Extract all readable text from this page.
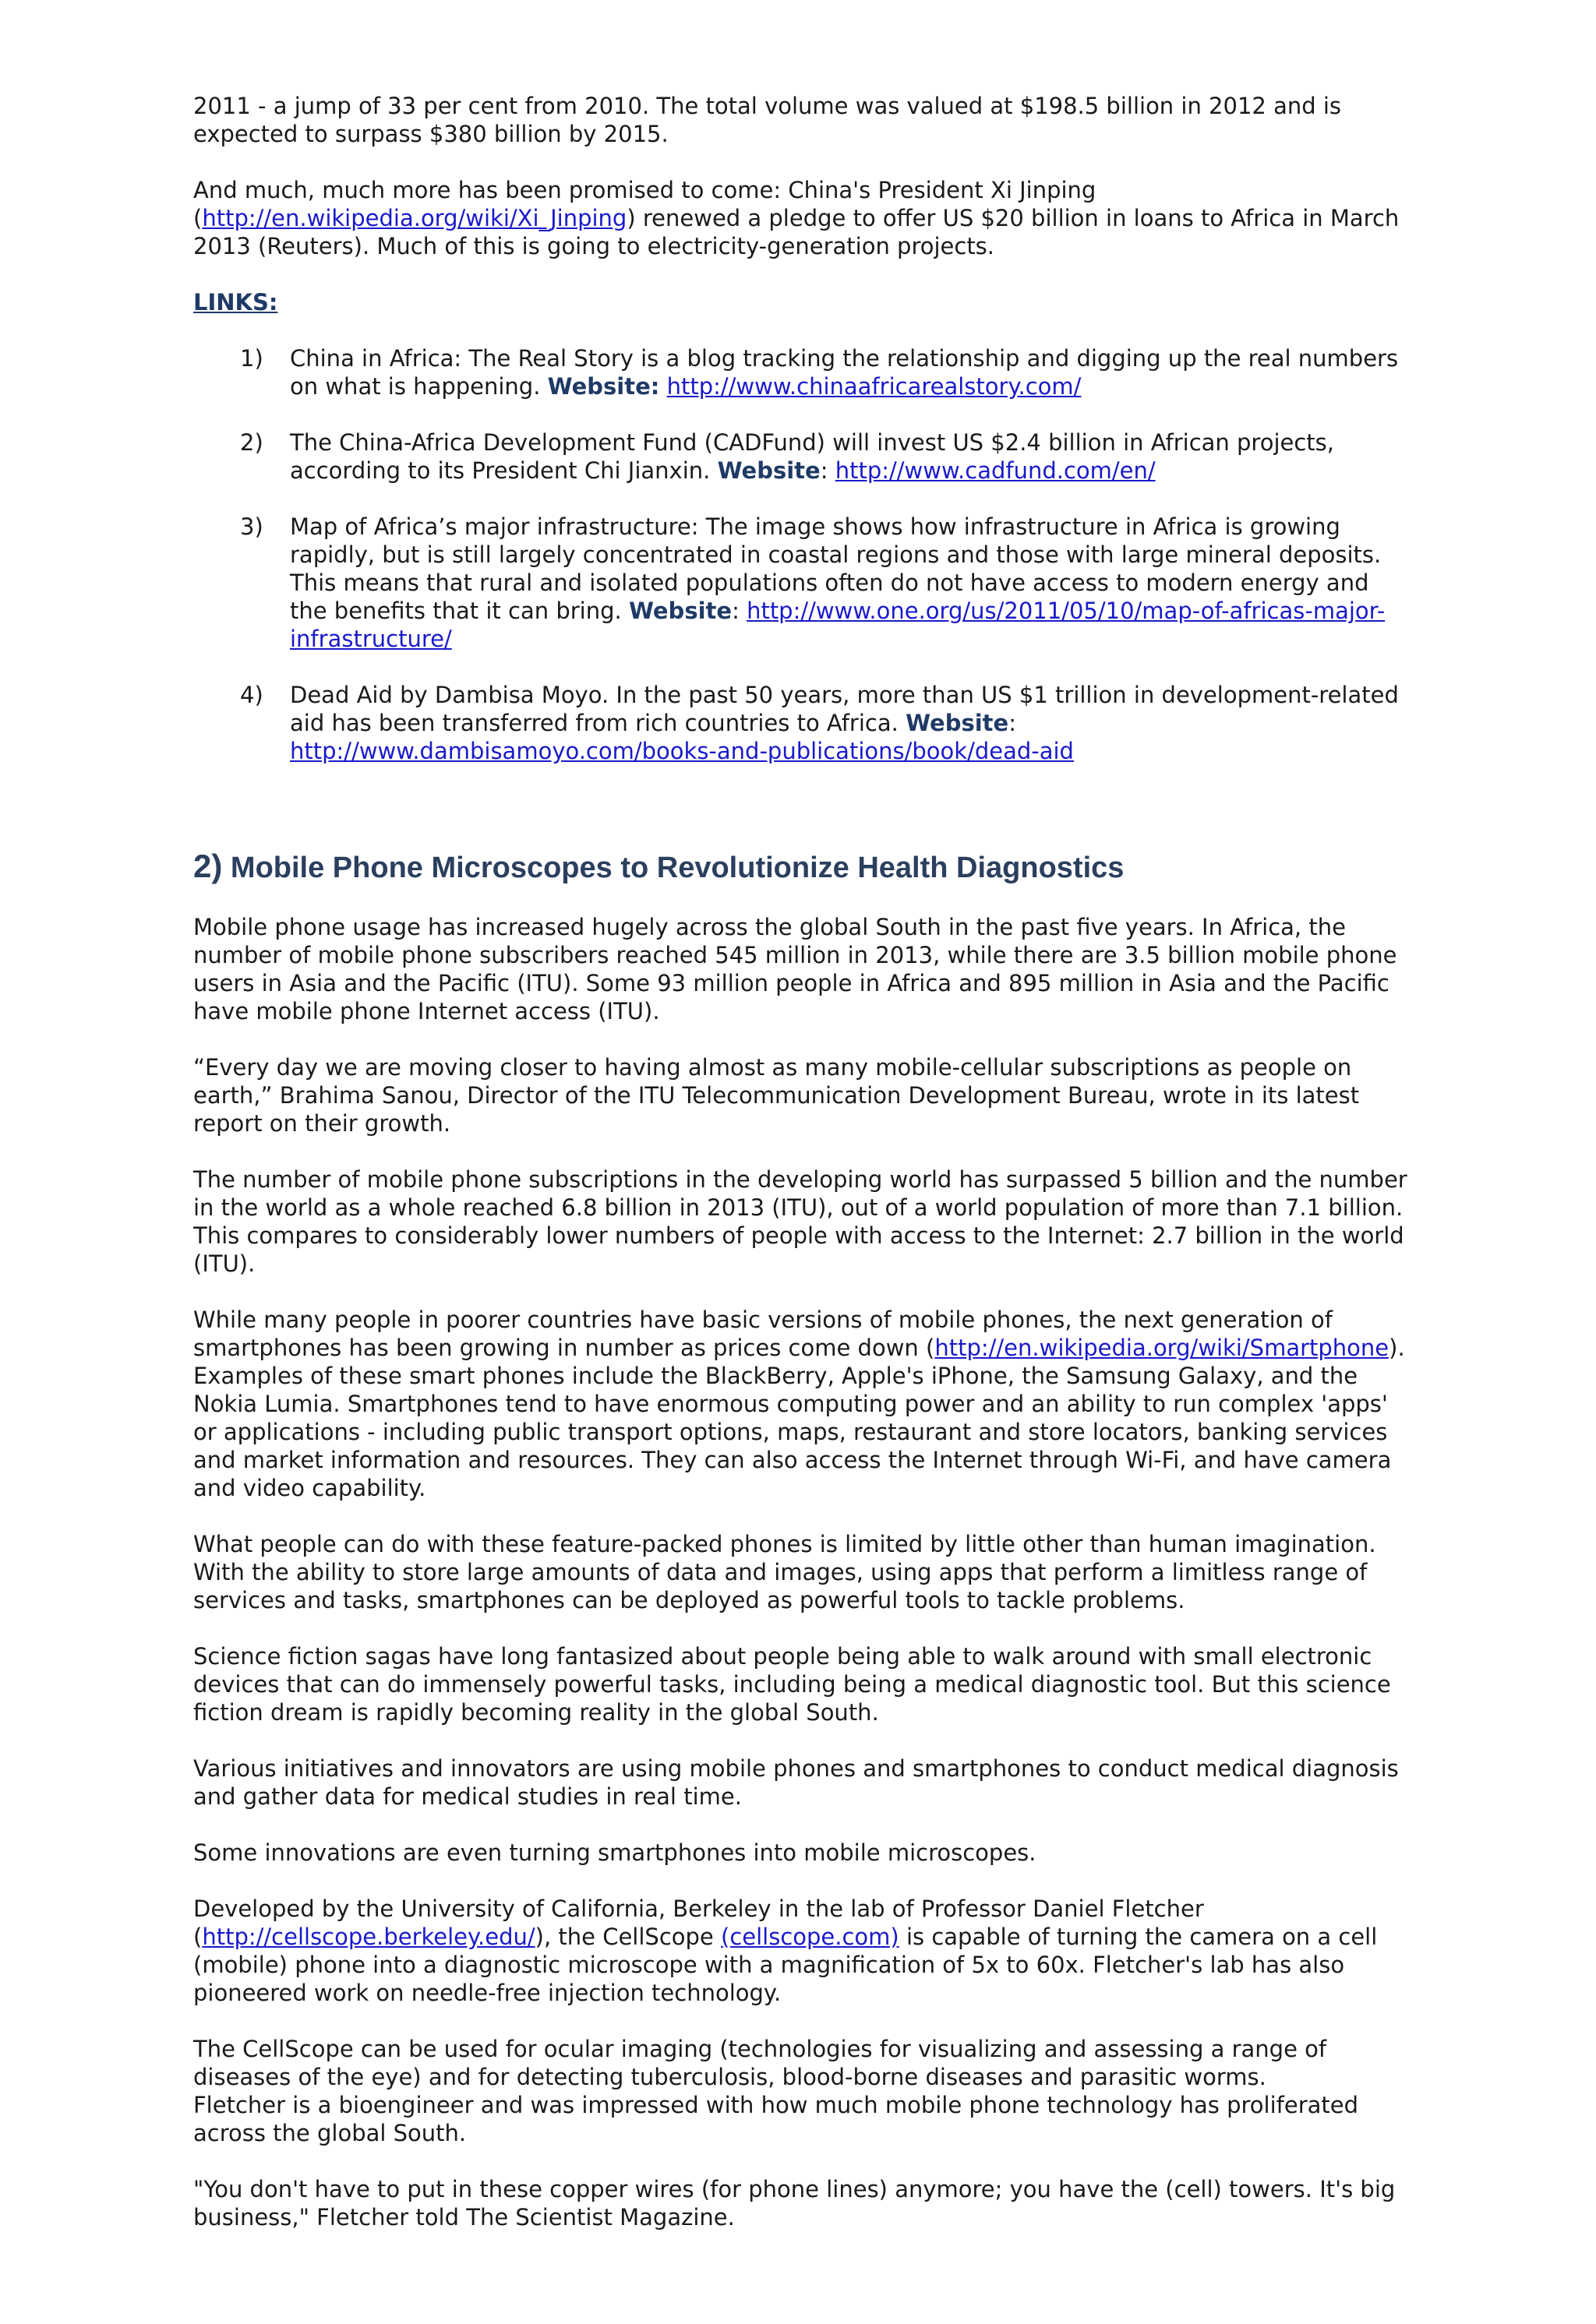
2011 - a jump of 33 per cent from 2010. The total volume was valued at $198.5 billion in 2012 and is expected to surpass $380 billion by 2015.

And much, much more has been promised to come: China's President Xi Jinping (http://en.wikipedia.org/wiki/Xi_Jinping) renewed a pledge to offer US $20 billion in loans to Africa in March 2013 (Reuters). Much of this is going to electricity-generation projects.

LINKS:
1) China in Africa: The Real Story is a blog tracking the relationship and digging up the real numbers on what is happening. Website: http://www.chinaafricarealstory.com/
2) The China-Africa Development Fund (CADFund) will invest US $2.4 billion in African projects, according to its President Chi Jianxin. Website: http://www.cadfund.com/en/
3) Map of Africa’s major infrastructure: The image shows how infrastructure in Africa is growing rapidly, but is still largely concentrated in coastal regions and those with large mineral deposits. This means that rural and isolated populations often do not have access to modern energy and the benefits that it can bring. Website: http://www.one.org/us/2011/05/10/map-of-africas-major-infrastructure/
4) Dead Aid by Dambisa Moyo. In the past 50 years, more than US $1 trillion in development-related aid has been transferred from rich countries to Africa. Website: http://www.dambisamoyo.com/books-and-publications/book/dead-aid
2) Mobile Phone Microscopes to Revolutionize Health Diagnostics

Mobile phone usage has increased hugely across the global South in the past five years. In Africa, the number of mobile phone subscribers reached 545 million in 2013, while there are 3.5 billion mobile phone users in Asia and the Pacific (ITU). Some 93 million people in Africa and 895 million in Asia and the Pacific have mobile phone Internet access (ITU).

“Every day we are moving closer to having almost as many mobile-cellular subscriptions as people on earth,” Brahima Sanou, Director of the ITU Telecommunication Development Bureau, wrote in its latest report on their growth.

The number of mobile phone subscriptions in the developing world has surpassed 5 billion and the number in the world as a whole reached 6.8 billion in 2013 (ITU), out of a world population of more than 7.1 billion. This compares to considerably lower numbers of people with access to the Internet: 2.7 billion in the world (ITU).

While many people in poorer countries have basic versions of mobile phones, the next generation of smartphones has been growing in number as prices come down (http://en.wikipedia.org/wiki/Smartphone). Examples of these smart phones include the BlackBerry, Apple's iPhone, the Samsung Galaxy, and the Nokia Lumia. Smartphones tend to have enormous computing power and an ability to run complex 'apps' or applications - including public transport options, maps, restaurant and store locators, banking services and market information and resources. They can also access the Internet through Wi-Fi, and have camera and video capability.

What people can do with these feature-packed phones is limited by little other than human imagination. With the ability to store large amounts of data and images, using apps that perform a limitless range of services and tasks, smartphones can be deployed as powerful tools to tackle problems.

Science fiction sagas have long fantasized about people being able to walk around with small electronic devices that can do immensely powerful tasks, including being a medical diagnostic tool. But this science fiction dream is rapidly becoming reality in the global South.

Various initiatives and innovators are using mobile phones and smartphones to conduct medical diagnosis and gather data for medical studies in real time.

Some innovations are even turning smartphones into mobile microscopes.

Developed by the University of California, Berkeley in the lab of Professor Daniel Fletcher (http://cellscope.berkeley.edu/), the CellScope (cellscope.com) is capable of turning the camera on a cell (mobile) phone into a diagnostic microscope with a magnification of 5x to 60x. Fletcher's lab has also pioneered work on needle-free injection technology.

The CellScope can be used for ocular imaging (technologies for visualizing and assessing a range of diseases of the eye) and for detecting tuberculosis, blood-borne diseases and parasitic worms.

Fletcher is a bioengineer and was impressed with how much mobile phone technology has proliferated across the global South.

"You don't have to put in these copper wires (for phone lines) anymore; you have the (cell) towers. It's big business," Fletcher told The Scientist Magazine.
